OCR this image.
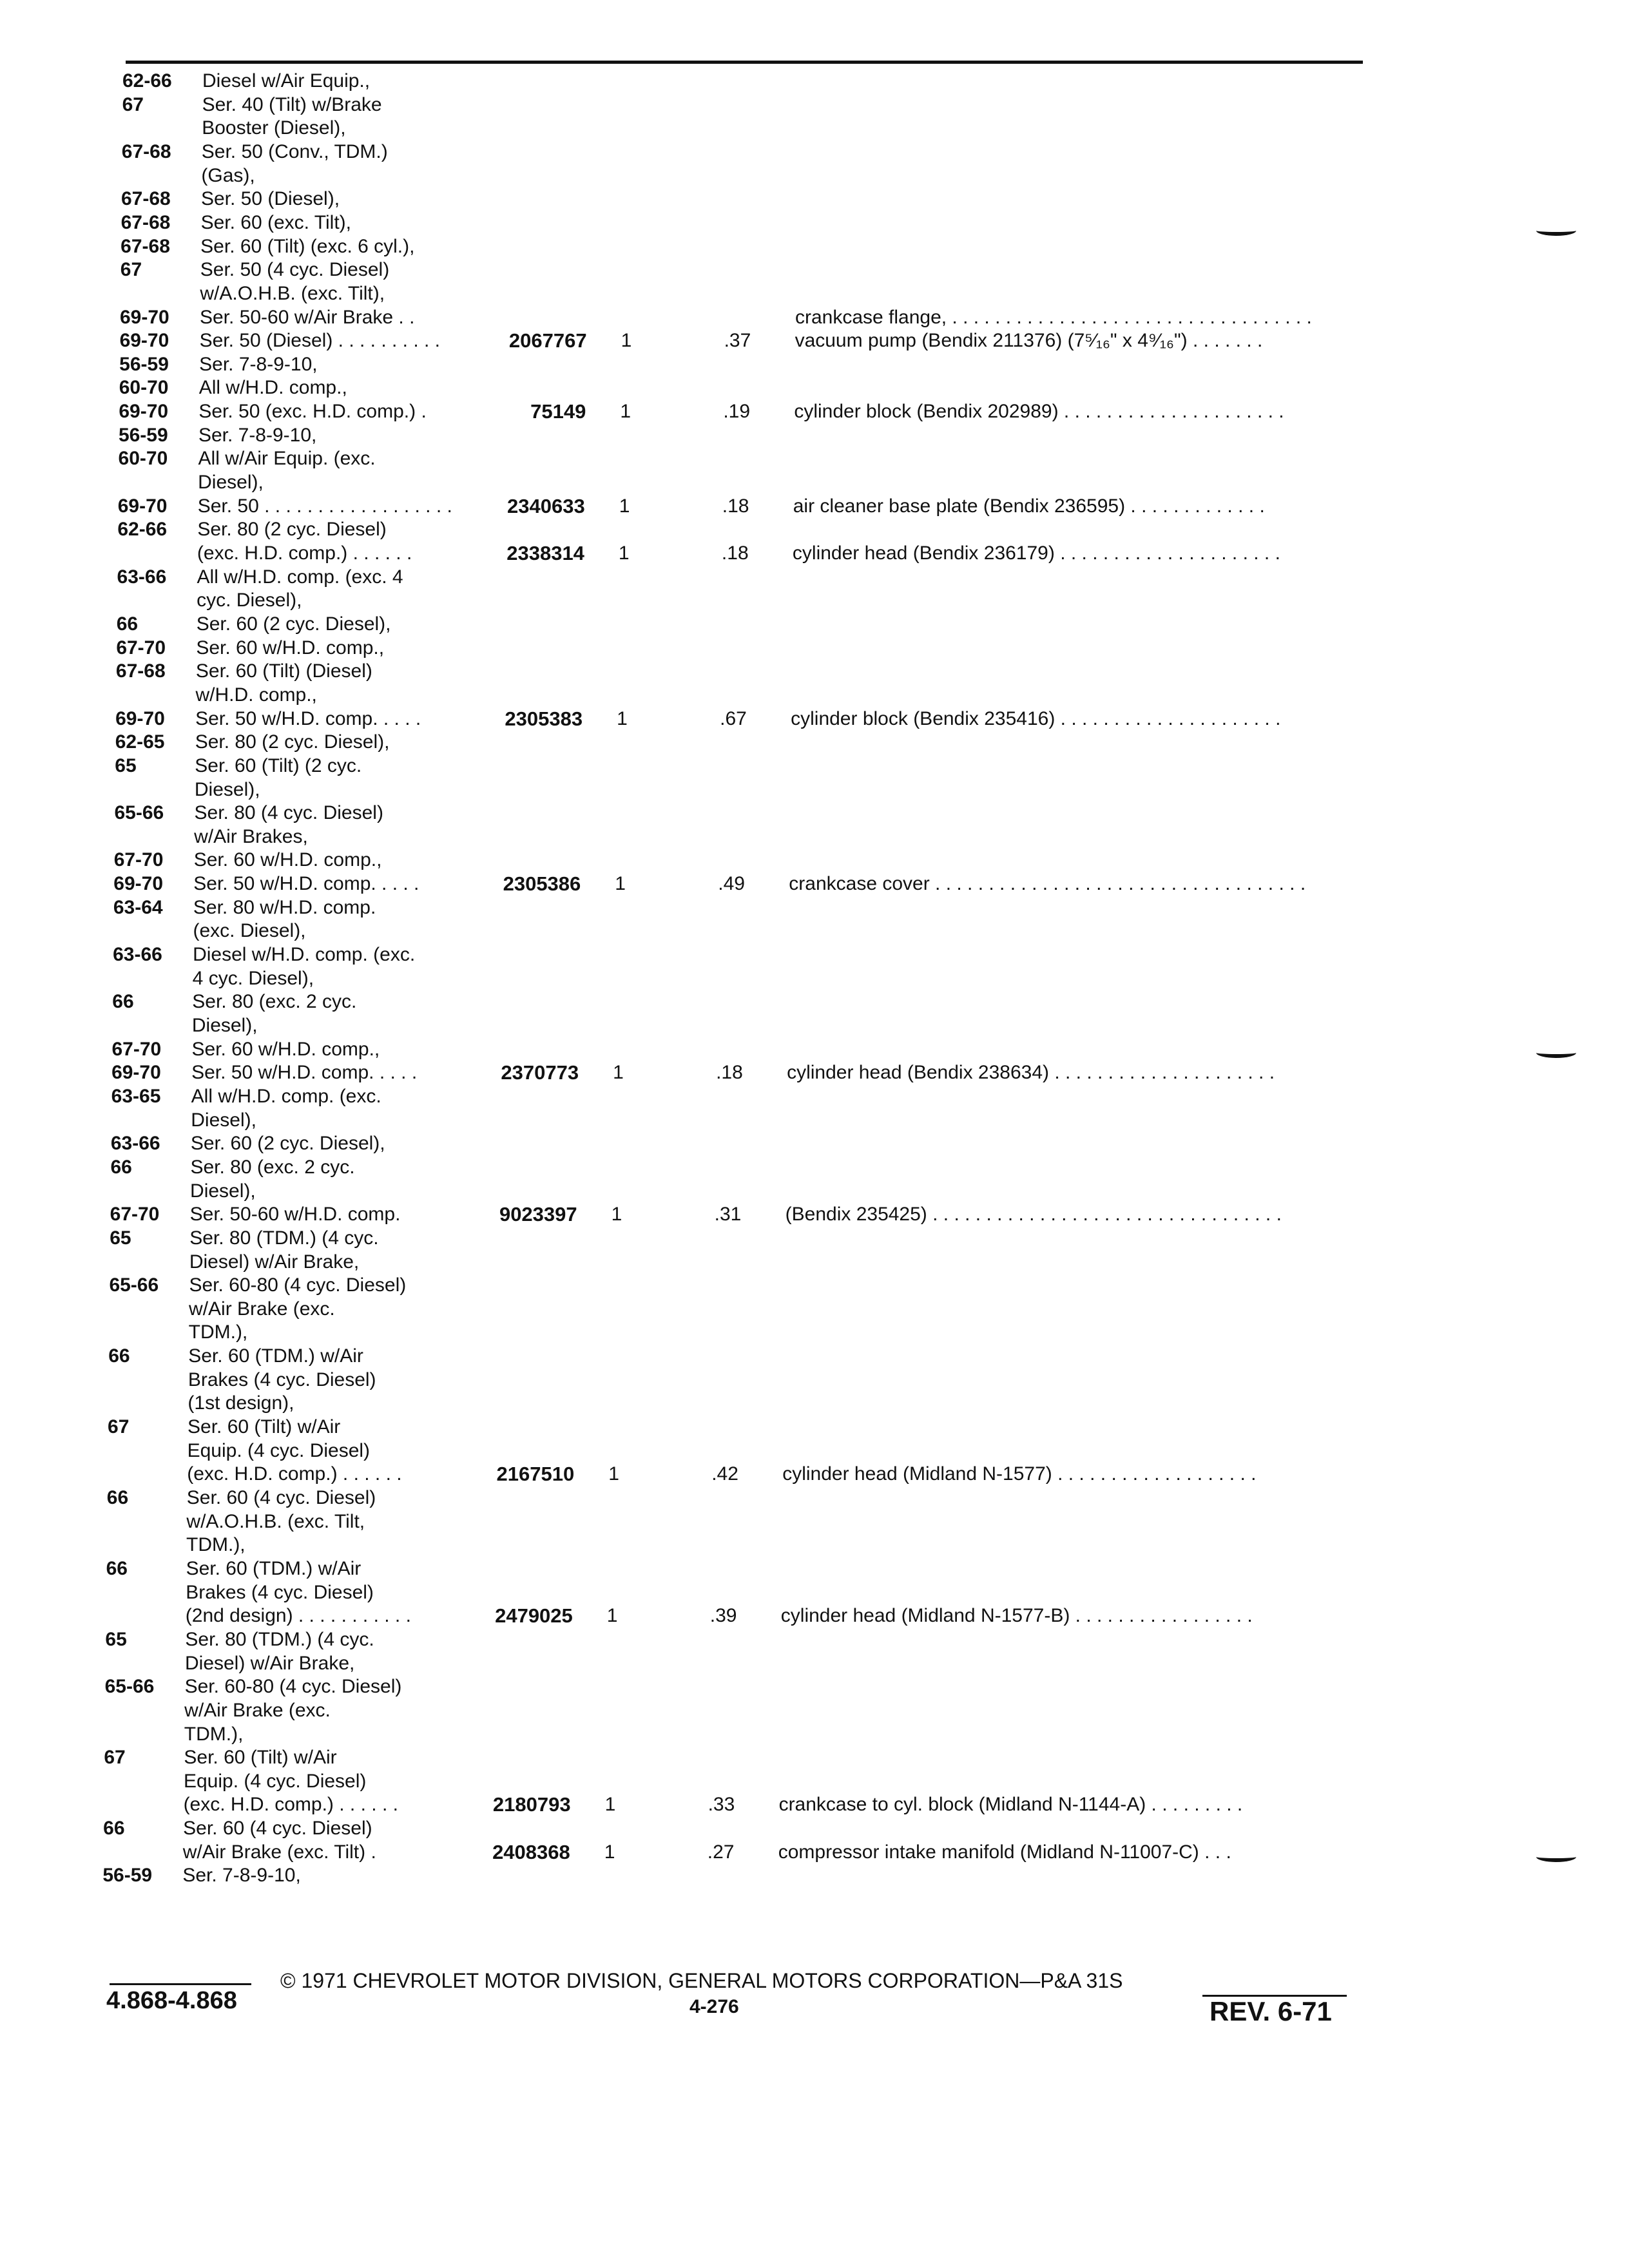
62-66 Diesel w/Air Equip.,
67	Ser. 40 (Tilt) w/Brake
Booster (Diesel),
67-68 Ser. 50 (Conv., TDM.)
(Gas),
67-68 Ser. 50 (Diesel),
67-68 Ser. 60 (exc. Tilt),
67-68 Ser. 60 (Tilt) (exc. 6 cyl.),
67	Ser. 50 (4 cyc. Diesel)
w/A.O.H.B. (exc. Tilt),
69-70 Ser. 50-60 w/Air Brake . .	crankcase flange, . . . . . . . . . . . . . . . . . . . . . . . . . . . . . . . . . .
69-70 Ser. 50 (Diesel) . . . . . . . . . .	2067767 1	.37 vacuum pump (Bendix 211376) (7⁵⁄₁₆" x 4⁹⁄₁₆") . . . . . . .
56-59 Ser. 7-8-9-10,
60-70 All w/H.D. comp.,
69-70 Ser. 50 (exc. H.D. comp.) .	75149 1	.19 cylinder block (Bendix 202989) . . . . . . . . . . . . . . . . . . . . .
56-59 Ser. 7-8-9-10,
60-70 All w/Air Equip. (exc.
Diesel),
69-70 Ser. 50 . . . . . . . . . . . . . . . . . .	2340633 1	.18 air cleaner base plate (Bendix 236595) . . . . . . . . . . . . .
62-66 Ser. 80 (2 cyc. Diesel)
(exc. H.D. comp.) . . . . . .	2338314 1	.18 cylinder head (Bendix 236179) . . . . . . . . . . . . . . . . . . . . .
63-66 All w/H.D. comp. (exc. 4
cyc. Diesel),
66	Ser. 60 (2 cyc. Diesel),
67-70 Ser. 60 w/H.D. comp.,
67-68 Ser. 60 (Tilt) (Diesel)
w/H.D. comp.,
69-70 Ser. 50 w/H.D. comp. . . . .	2305383 1	.67 cylinder block (Bendix 235416) . . . . . . . . . . . . . . . . . . . . .
62-65 Ser. 80 (2 cyc. Diesel),
65	Ser. 60 (Tilt) (2 cyc.
Diesel),
65-66 Ser. 80 (4 cyc. Diesel)
w/Air Brakes,
67-70 Ser. 60 w/H.D. comp.,
69-70 Ser. 50 w/H.D. comp. . . . .	2305386 1	.49 crankcase cover . . . . . . . . . . . . . . . . . . . . . . . . . . . . . . . . . . .
63-64 Ser. 80 w/H.D. comp.
(exc. Diesel),
63-66 Diesel w/H.D. comp. (exc.
4 cyc. Diesel),
66	Ser. 80 (exc. 2 cyc.
Diesel),
67-70 Ser. 60 w/H.D. comp.,
69-70 Ser. 50 w/H.D. comp. . . . .	2370773 1	.18 cylinder head (Bendix 238634) . . . . . . . . . . . . . . . . . . . . .
63-65 All w/H.D. comp. (exc.
Diesel),
63-66 Ser. 60 (2 cyc. Diesel),
66	Ser. 80 (exc. 2 cyc.
Diesel),
67-70 Ser. 50-60 w/H.D. comp.	9023397 1	.31 (Bendix 235425) . . . . . . . . . . . . . . . . . . . . . . . . . . . . . . . . .
65	Ser. 80 (TDM.) (4 cyc.
Diesel) w/Air Brake,
65-66 Ser. 60-80 (4 cyc. Diesel)
w/Air Brake (exc.
TDM.),
66	Ser. 60 (TDM.) w/Air
Brakes (4 cyc. Diesel)
(1st design),
67	Ser. 60 (Tilt) w/Air
Equip. (4 cyc. Diesel)
(exc. H.D. comp.) . . . . . .	2167510 1	.42 cylinder head (Midland N-1577) . . . . . . . . . . . . . . . . . . .
66	Ser. 60 (4 cyc. Diesel)
w/A.O.H.B. (exc. Tilt,
TDM.),
66	Ser. 60 (TDM.) w/Air
Brakes (4 cyc. Diesel)
(2nd design) . . . . . . . . . . .	2479025 1	.39 cylinder head (Midland N-1577-B) . . . . . . . . . . . . . . . . .
65	Ser. 80 (TDM.) (4 cyc.
Diesel) w/Air Brake,
65-66 Ser. 60-80 (4 cyc. Diesel)
w/Air Brake (exc.
TDM.),
67	Ser. 60 (Tilt) w/Air
Equip. (4 cyc. Diesel)
(exc. H.D. comp.) . . . . . .	2180793 1	.33 crankcase to cyl. block (Midland N-1144-A) . . . . . . . . .
66	Ser. 60 (4 cyc. Diesel)
w/Air Brake (exc. Tilt) .	2408368 1	.27 compressor intake manifold (Midland N-11007-C) . . .
56-59 Ser. 7-8-9-10,
© 1971 CHEVROLET MOTOR DIVISION, GENERAL MOTORS CORPORATION—P&A 31S
4.868-4.868	4-276	REV. 6-71
